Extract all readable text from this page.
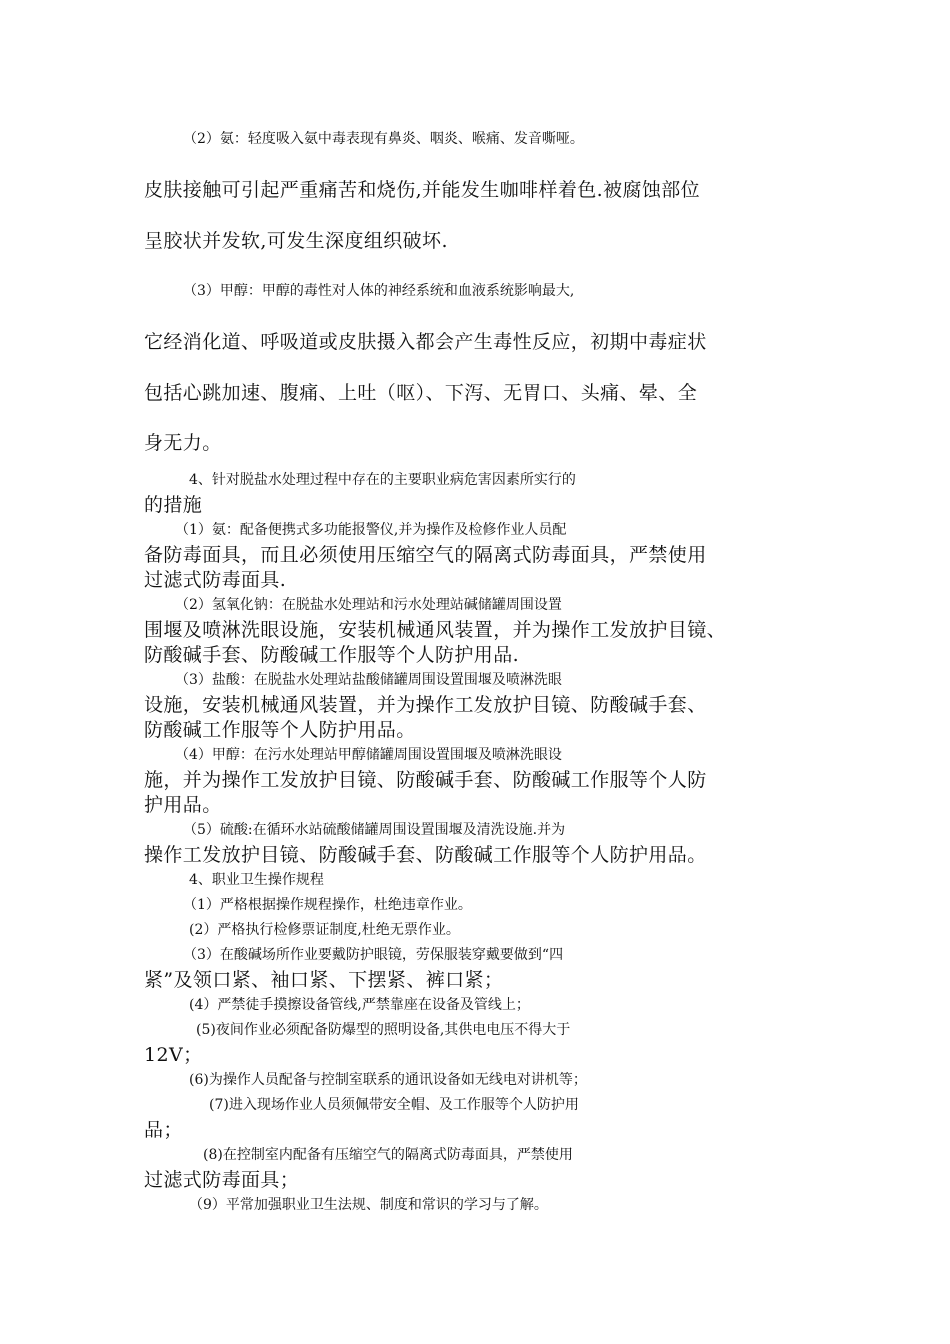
（2）氨：轻度吸入氨中毒表现有鼻炎、咽炎、喉痛、发音嘶哑。
皮肤接触可引起严重痛苦和烧伤,并能发生咖啡样着色.被腐蚀部位
呈胶状并发软,可发生深度组织破坏.
（3）甲醇：甲醇的毒性对人体的神经系统和血液系统影响最大,
它经消化道、呼吸道或皮肤摄入都会产生毒性反应，初期中毒症状
包括心跳加速、腹痛、上吐（呕）、下泻、无胃口、头痛、晕、全
身无力。
4、针对脱盐水处理过程中存在的主要职业病危害因素所实行的
的措施
（1）氨：配备便携式多功能报警仪,并为操作及检修作业人员配
备防毒面具，而且必须使用压缩空气的隔离式防毒面具，严禁使用
过滤式防毒面具.
（2）氢氧化钠：在脱盐水处理站和污水处理站碱储罐周围设置
围堰及喷淋洗眼设施，安装机械通风装置，并为操作工发放护目镜、
防酸碱手套、防酸碱工作服等个人防护用品.
（3）盐酸：在脱盐水处理站盐酸储罐周围设置围堰及喷淋洗眼
设施，安装机械通风装置，并为操作工发放护目镜、防酸碱手套、
防酸碱工作服等个人防护用品。
（4）甲醇：在污水处理站甲醇储罐周围设置围堰及喷淋洗眼设
施，并为操作工发放护目镜、防酸碱手套、防酸碱工作服等个人防
护用品。
（5）硫酸:在循环水站硫酸储罐周围设置围堰及清洗设施.并为
操作工发放护目镜、防酸碱手套、防酸碱工作服等个人防护用品。
4、职业卫生操作规程
（1）严格根据操作规程操作，杜绝违章作业。
(2）严格执行检修票证制度,杜绝无票作业。
（3）在酸碱场所作业要戴防护眼镜，劳保服装穿戴要做到“四
紧”及领口紧、袖口紧、下摆紧、裤口紧；
(4）严禁徒手摸擦设备管线,严禁靠座在设备及管线上；
(5)夜间作业必须配备防爆型的照明设备,其供电电压不得大于
12V；
(6)为操作人员配备与控制室联系的通讯设备如无线电对讲机等；
(7)进入现场作业人员须佩带安全帽、及工作服等个人防护用
品；
(8)在控制室内配备有压缩空气的隔离式防毒面具，严禁使用
过滤式防毒面具；
（9）平常加强职业卫生法规、制度和常识的学习与了解。
